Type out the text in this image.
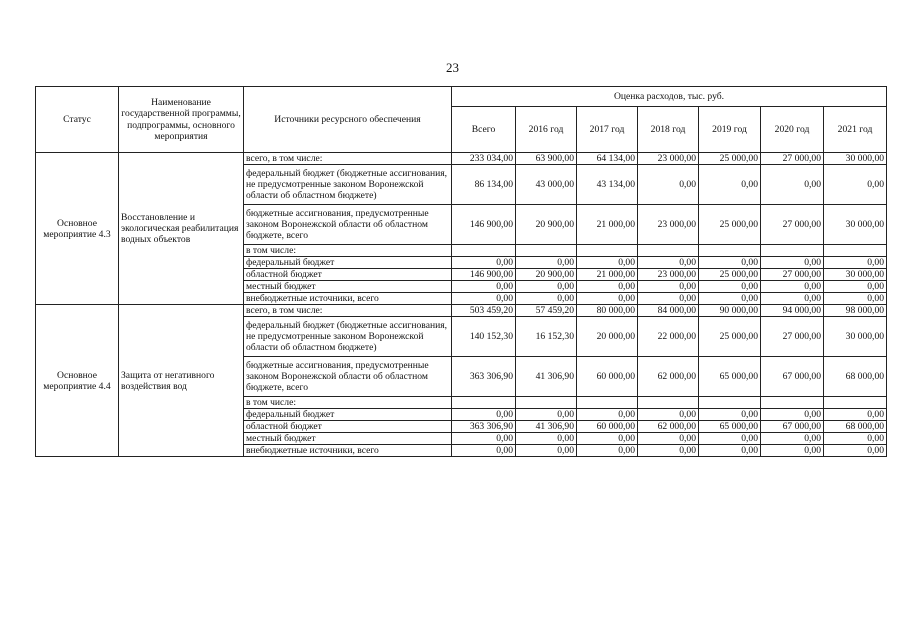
23
Статус	Наименование государственной программы, подпрограммы, основного мероприятия	Источники ресурсного обеспечения	Оценка расходов, тыс. руб.						
			Всего	2016 год	2017 год	2018 год	2019 год	2020 год	2021 год
Основное мероприятие 4.3	Восстановление и экологическая реабилитация водных объектов	всего, в том числе:	233 034,00	63 900,00	64 134,00	23 000,00	25 000,00	27 000,00	30 000,00
		федеральный бюджет (бюджетные ассигнования, не предусмотренные законом Воронежской области об областном бюджете)	86 134,00	43 000,00	43 134,00	0,00	0,00	0,00	0,00
		бюджетные ассигнования, предусмотренные законом Воронежской области об областном бюджете, всего	146 900,00	20 900,00	21 000,00	23 000,00	25 000,00	27 000,00	30 000,00
		в том числе:							
		федеральный бюджет	0,00	0,00	0,00	0,00	0,00	0,00	0,00
		областной бюджет	146 900,00	20 900,00	21 000,00	23 000,00	25 000,00	27 000,00	30 000,00
		местный бюджет	0,00	0,00	0,00	0,00	0,00	0,00	0,00
		внебюджетные источники, всего	0,00	0,00	0,00	0,00	0,00	0,00	0,00
Основное мероприятие 4.4	Защита от негативного воздействия вод	всего, в том числе:	503 459,20	57 459,20	80 000,00	84 000,00	90 000,00	94 000,00	98 000,00
		федеральный бюджет (бюджетные ассигнования, не предусмотренные законом Воронежской области об областном бюджете)	140 152,30	16 152,30	20 000,00	22 000,00	25 000,00	27 000,00	30 000,00
		бюджетные ассигнования, предусмотренные законом Воронежской области об областном бюджете, всего	363 306,90	41 306,90	60 000,00	62 000,00	65 000,00	67 000,00	68 000,00
		в том числе:							
		федеральный бюджет	0,00	0,00	0,00	0,00	0,00	0,00	0,00
		областной бюджет	363 306,90	41 306,90	60 000,00	62 000,00	65 000,00	67 000,00	68 000,00
		местный бюджет	0,00	0,00	0,00	0,00	0,00	0,00	0,00
		внебюджетные источники, всего	0,00	0,00	0,00	0,00	0,00	0,00	0,00
